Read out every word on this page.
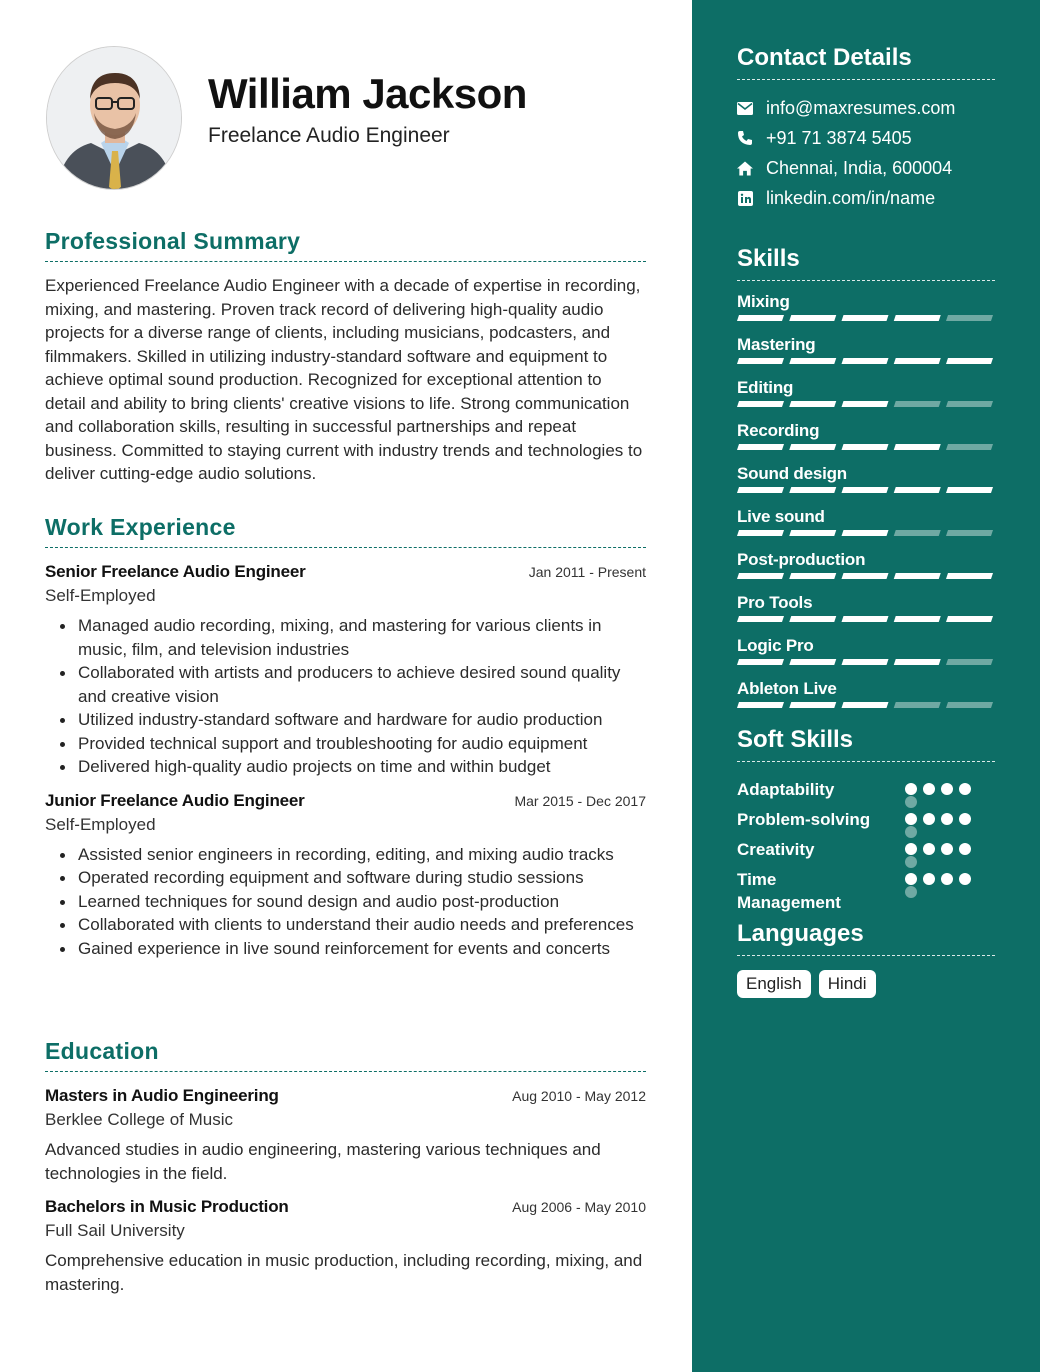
William Jackson
Freelance Audio Engineer
Professional Summary
Experienced Freelance Audio Engineer with a decade of expertise in recording, mixing, and mastering. Proven track record of delivering high-quality audio projects for a diverse range of clients, including musicians, podcasters, and filmmakers. Skilled in utilizing industry-standard software and equipment to achieve optimal sound production. Recognized for exceptional attention to detail and ability to bring clients' creative visions to life. Strong communication and collaboration skills, resulting in successful partnerships and repeat business. Committed to staying current with industry trends and technologies to deliver cutting-edge audio solutions.
Work Experience
Senior Freelance Audio Engineer	Jan 2011 - Present
Self-Employed
Managed audio recording, mixing, and mastering for various clients in music, film, and television industries
Collaborated with artists and producers to achieve desired sound quality and creative vision
Utilized industry-standard software and hardware for audio production
Provided technical support and troubleshooting for audio equipment
Delivered high-quality audio projects on time and within budget
Junior Freelance Audio Engineer	Mar 2015 - Dec 2017
Self-Employed
Assisted senior engineers in recording, editing, and mixing audio tracks
Operated recording equipment and software during studio sessions
Learned techniques for sound design and audio post-production
Collaborated with clients to understand their audio needs and preferences
Gained experience in live sound reinforcement for events and concerts
Education
Masters in Audio Engineering	Aug 2010 - May 2012
Berklee College of Music
Advanced studies in audio engineering, mastering various techniques and technologies in the field.
Bachelors in Music Production	Aug 2006 - May 2010
Full Sail University
Comprehensive education in music production, including recording, mixing, and mastering.
Contact Details
info@maxresumes.com
+91 71 3874 5405
Chennai, India, 600004
linkedin.com/in/name
Skills
Mixing
Mastering
Editing
Recording
Sound design
Live sound
Post-production
Pro Tools
Logic Pro
Ableton Live
Soft Skills
Adaptability
Problem-solving
Creativity
Time Management
Languages
English	Hindi
